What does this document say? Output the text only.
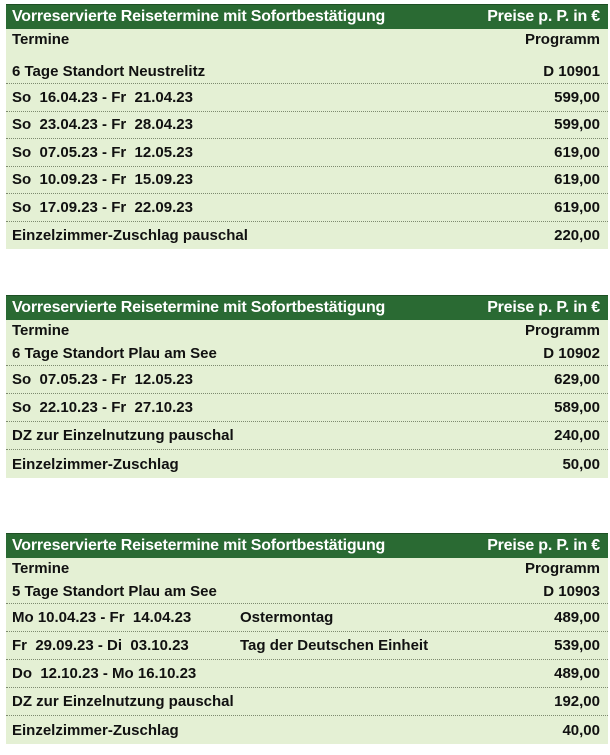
Vorreservierte Reisetermine mit Sofortbestätigung	Preise p. P. in €
Termine	Programm
6 Tage Standort Neustrelitz	D 10901
So  16.04.23 - Fr  21.04.23	599,00
So  23.04.23 - Fr  28.04.23	599,00
So  07.05.23 - Fr  12.05.23	619,00
So  10.09.23 - Fr  15.09.23	619,00
So  17.09.23 - Fr  22.09.23	619,00
Einzelzimmer-Zuschlag pauschal	220,00
Vorreservierte Reisetermine mit Sofortbestätigung	Preise p. P. in €
Termine	Programm
6 Tage Standort Plau am See	D 10902
So  07.05.23 - Fr  12.05.23	629,00
So  22.10.23 - Fr  27.10.23	589,00
DZ zur Einzelnutzung pauschal	240,00
Einzelzimmer-Zuschlag	50,00
Vorreservierte Reisetermine mit Sofortbestätigung	Preise p. P. in €
Termine	Programm
5 Tage Standort Plau am See	D 10903
Mo 10.04.23 - Fr  14.04.23	Ostermontag	489,00
Fr  29.09.23 - Di  03.10.23	Tag der Deutschen Einheit	539,00
Do  12.10.23 - Mo 16.10.23	489,00
DZ zur Einzelnutzung pauschal	192,00
Einzelzimmer-Zuschlag	40,00
